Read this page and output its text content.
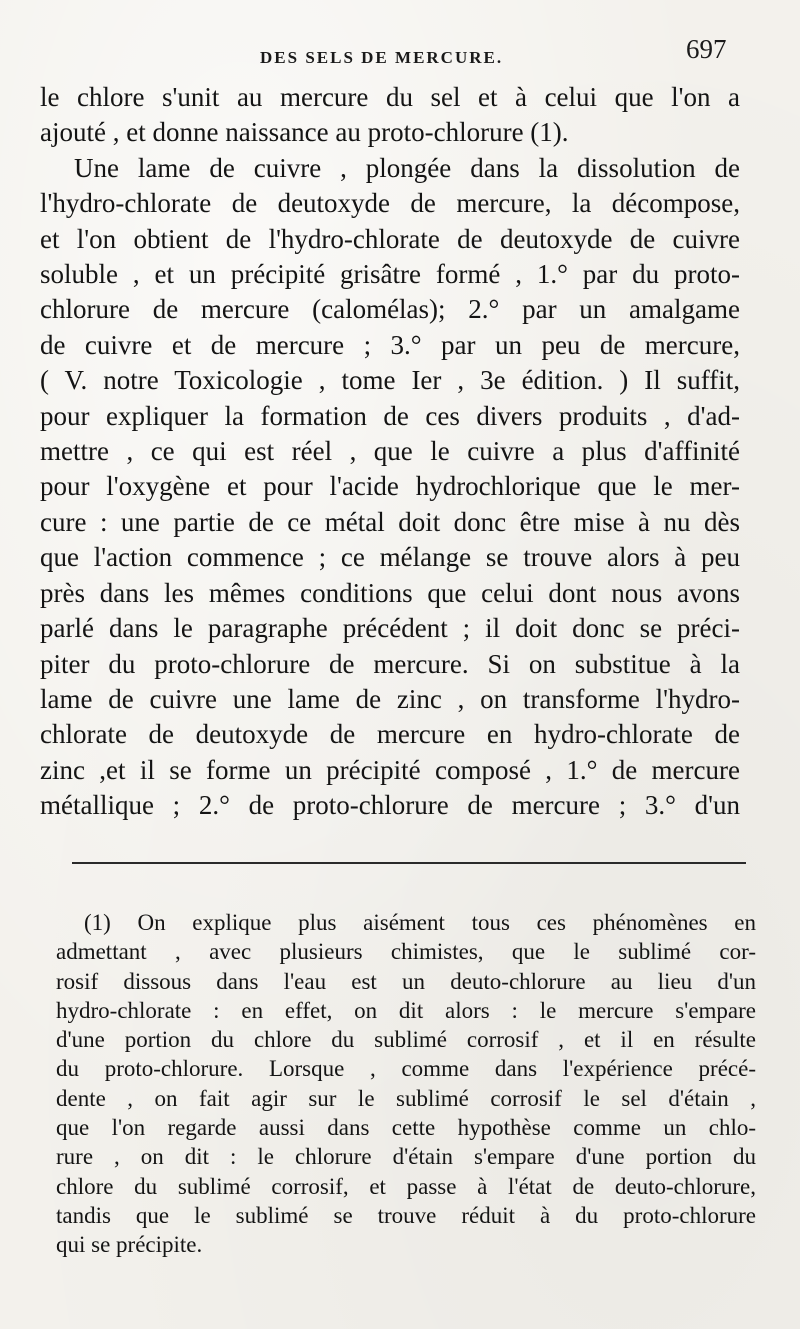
DES SELS DE MERCURE.	697
le chlore s'unit au mercure du sel et à celui que l'on a
ajouté , et donne naissance au proto-chlorure (1).
Une lame de cuivre , plongée dans la dissolution de
l'hydro-chlorate de deutoxyde de mercure, la décompose,
et l'on obtient de l'hydro-chlorate de deutoxyde de cuivre
soluble , et un précipité grisâtre formé , 1.° par du proto-
chlorure de mercure (calomélas); 2.° par un amalgame
de cuivre et de mercure ; 3.° par un peu de mercure,
( V. notre Toxicologie , tome Ier , 3e édition. ) Il suffit,
pour expliquer la formation de ces divers produits , d'ad-
mettre , ce qui est réel , que le cuivre a plus d'affinité
pour l'oxygène et pour l'acide hydrochlorique que le mer-
cure : une partie de ce métal doit donc être mise à nu dès
que l'action commence ; ce mélange se trouve alors à peu
près dans les mêmes conditions que celui dont nous avons
parlé dans le paragraphe précédent ; il doit donc se préci-
piter du proto-chlorure de mercure. Si on substitue à la
lame de cuivre une lame de zinc , on transforme l'hydro-
chlorate de deutoxyde de mercure en hydro-chlorate de
zinc ,et il se forme un précipité composé , 1.° de mercure
métallique ; 2.° de proto-chlorure de mercure ; 3.° d'un
(1) On explique plus aisément tous ces phénomènes en
admettant , avec plusieurs chimistes, que le sublimé cor-
rosif dissous dans l'eau est un deuto-chlorure au lieu d'un
hydro-chlorate : en effet, on dit alors : le mercure s'empare
d'une portion du chlore du sublimé corrosif , et il en résulte
du proto-chlorure. Lorsque , comme dans l'expérience précé-
dente , on fait agir sur le sublimé corrosif le sel d'étain ,
que l'on regarde aussi dans cette hypothèse comme un chlo-
rure , on dit : le chlorure d'étain s'empare d'une portion du
chlore du sublimé corrosif, et passe à l'état de deuto-chlorure,
tandis que le sublimé se trouve réduit à du proto-chlorure
qui se précipite.
